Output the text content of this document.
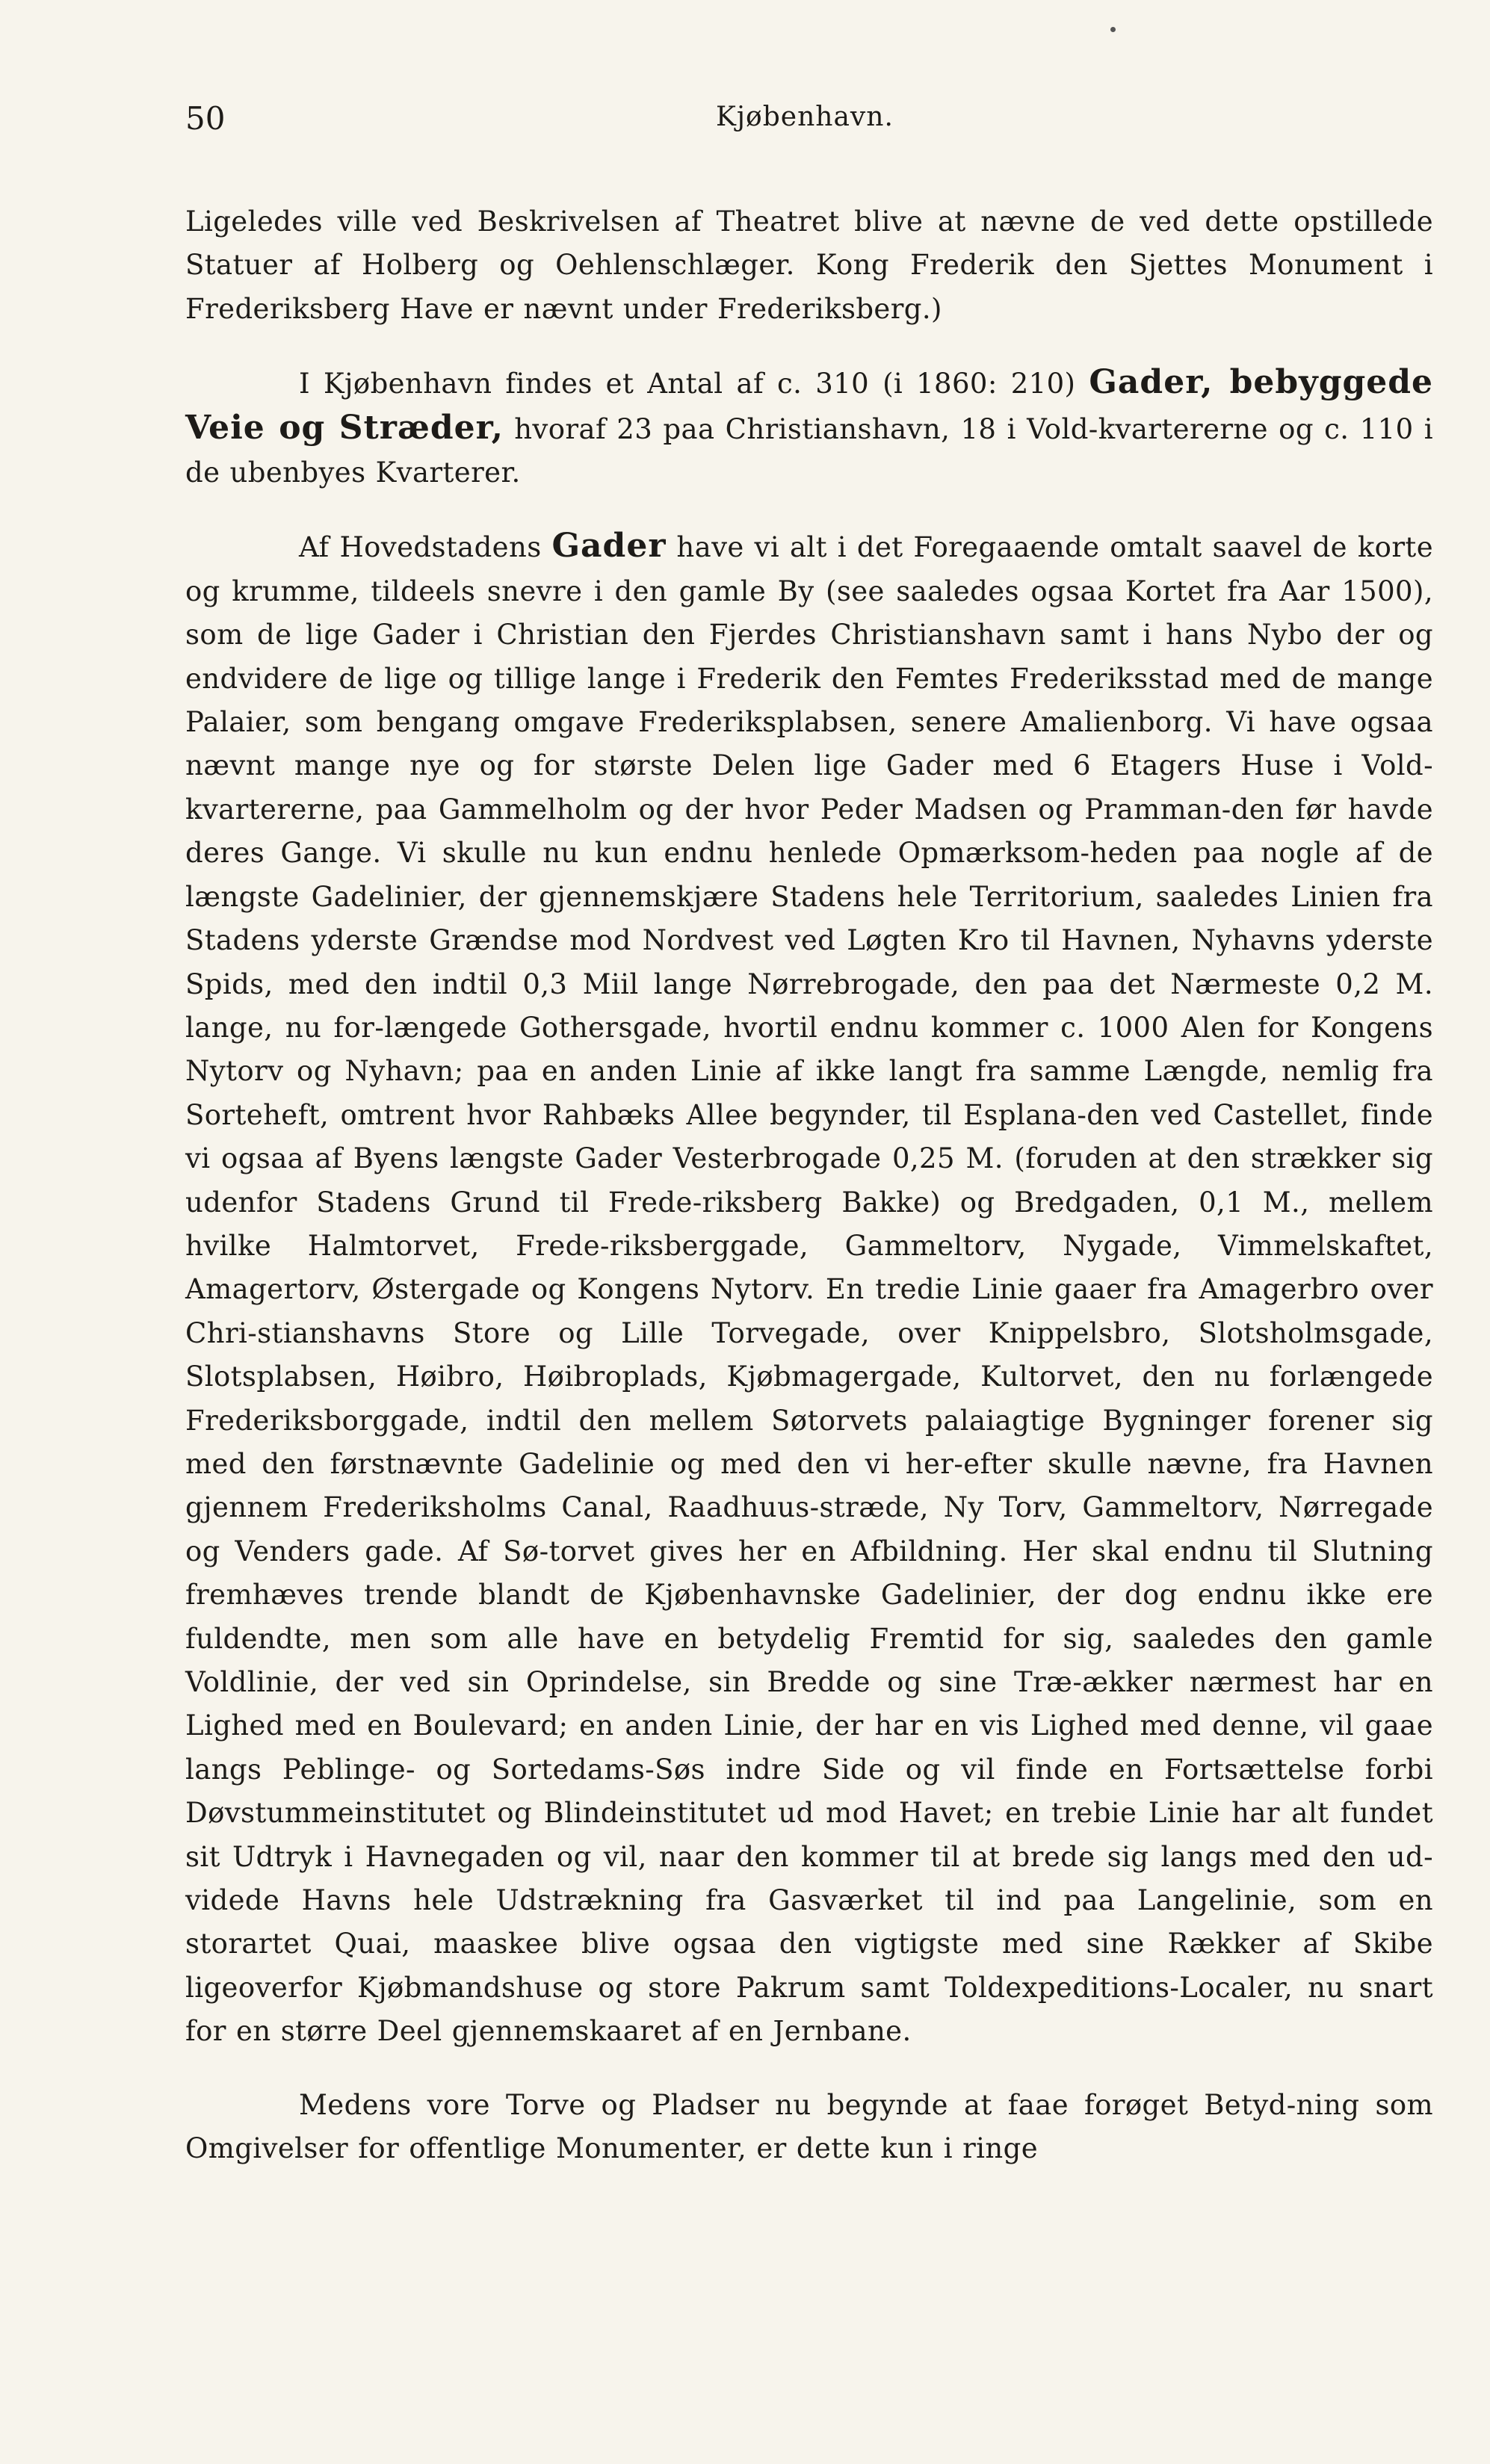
50	Kjøbenhavn.

Ligeledes ville ved Beskrivelsen af Theatret blive at nævne de ved dette opstillede Statuer af Holberg og Oehlenschlæger. Kong Frederik den Sjettes Monument i Frederiksberg Have er nævnt under Frederiksberg.)

I Kjøbenhavn findes et Antal af c. 310 (i 1860: 210) Gader, bebyggede Veie og Stræder, hvoraf 23 paa Christianshavn, 18 i Vold-kvartererne og c. 110 i de ubenbyes Kvarterer.

Af Hovedstadens Gader have vi alt i det Foregaaende omtalt saavel de korte og krumme, tildeels snevre i den gamle By (see saaledes ogsaa Kortet fra Aar 1500), som de lige Gader i Christian den Fjerdes Christianshavn samt i hans Nybo der og endvidere de lige og tillige lange i Frederik den Femtes Frederiksstad med de mange Palaier, som bengang omgave Frederiksplabsen, senere Amalienborg. Vi have ogsaa nævnt mange nye og for største Delen lige Gader med 6 Etagers Huse i Vold-kvartererne, paa Gammelholm og der hvor Peder Madsen og Pramman-den før havde deres Gange. Vi skulle nu kun endnu henlede Opmærksom-heden paa nogle af de længste Gadelinier, der gjennemskjære Stadens hele Territorium, saaledes Linien fra Stadens yderste Grændse mod Nordvest ved Løgten Kro til Havnen, Nyhavns yderste Spids, med den indtil 0,3 Miil lange Nørrebrogade, den paa det Nærmeste 0,2 M. lange, nu for-længede Gothersgade, hvortil endnu kommer c. 1000 Alen for Kongens Nytorv og Nyhavn; paa en anden Linie af ikke langt fra samme Længde, nemlig fra Sorteheft, omtrent hvor Rahbæks Allee begynder, til Esplana-den ved Castellet, finde vi ogsaa af Byens længste Gader Vesterbrogade 0,25 M. (foruden at den strækker sig udenfor Stadens Grund til Frede-riksberg Bakke) og Bredgaden, 0,1 M., mellem hvilke Halmtorvet, Frede-riksberggade, Gammeltorv, Nygade, Vimmelskaftet, Amagertorv, Østergade og Kongens Nytorv. En tredie Linie gaaer fra Amagerbro over Chri-stianshavns Store og Lille Torvegade, over Knippelsbro, Slotsholmsgade, Slotsplabsen, Høibro, Høibroplads, Kjøbmagergade, Kultorvet, den nu forlængede Frederiksborggade, indtil den mellem Søtorvets palaiagtige Bygninger forener sig med den førstnævnte Gadelinie og med den vi her-efter skulle nævne, fra Havnen gjennem Frederiksholms Canal, Raadhuus-stræde, Ny Torv, Gammeltorv, Nørregade og Venders gade. Af Sø-torvet gives her en Afbildning. Her skal endnu til Slutning fremhæves trende blandt de Kjøbenhavnske Gadelinier, der dog endnu ikke ere fuldendte, men som alle have en betydelig Fremtid for sig, saaledes den gamle Voldlinie, der ved sin Oprindelse, sin Bredde og sine Træ-ækker nærmest har en Lighed med en Boulevard; en anden Linie, der har en vis Lighed med denne, vil gaae langs Peblinge- og Sortedams-Søs indre Side og vil finde en Fortsættelse forbi Døvstummeinstitutet og Blindeinstitutet ud mod Havet; en trebie Linie har alt fundet sit Udtryk i Havnegaden og vil, naar den kommer til at brede sig langs med den ud-videde Havns hele Udstrækning fra Gasværket til ind paa Langelinie, som en storartet Quai, maaskee blive ogsaa den vigtigste med sine Rækker af Skibe ligeoverfor Kjøbmandshuse og store Pakrum samt Toldexpeditions-Localer, nu snart for en større Deel gjennemskaaret af en Jernbane.

Medens vore Torve og Pladser nu begynde at faae forøget Betyd-ning som Omgivelser for offentlige Monumenter, er dette kun i ringe
